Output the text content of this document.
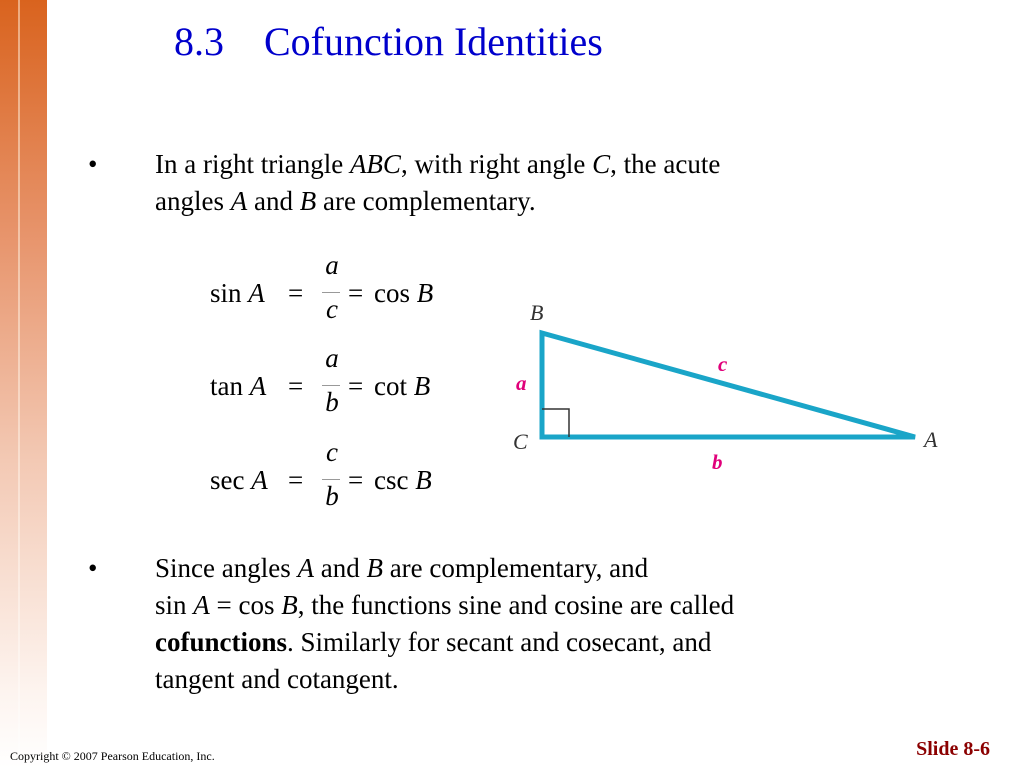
8.3 Cofunction Identities
• In a right triangle ABC, with right angle C, the acute
angles A and B are complementary.
sin A =
a
c
= cos B
tan A =
a
b
= cot B
sec A =
c
b
= csc B
B
C	A
a
b
c
• Since angles A and B are complementary, and
sin A = cos B, the functions sine and cosine are called
cofunctions. Similarly for secant and cosecant, and
tangent and cotangent.
Copyright © 2007 Pearson Education, Inc.	Slide 8-6
